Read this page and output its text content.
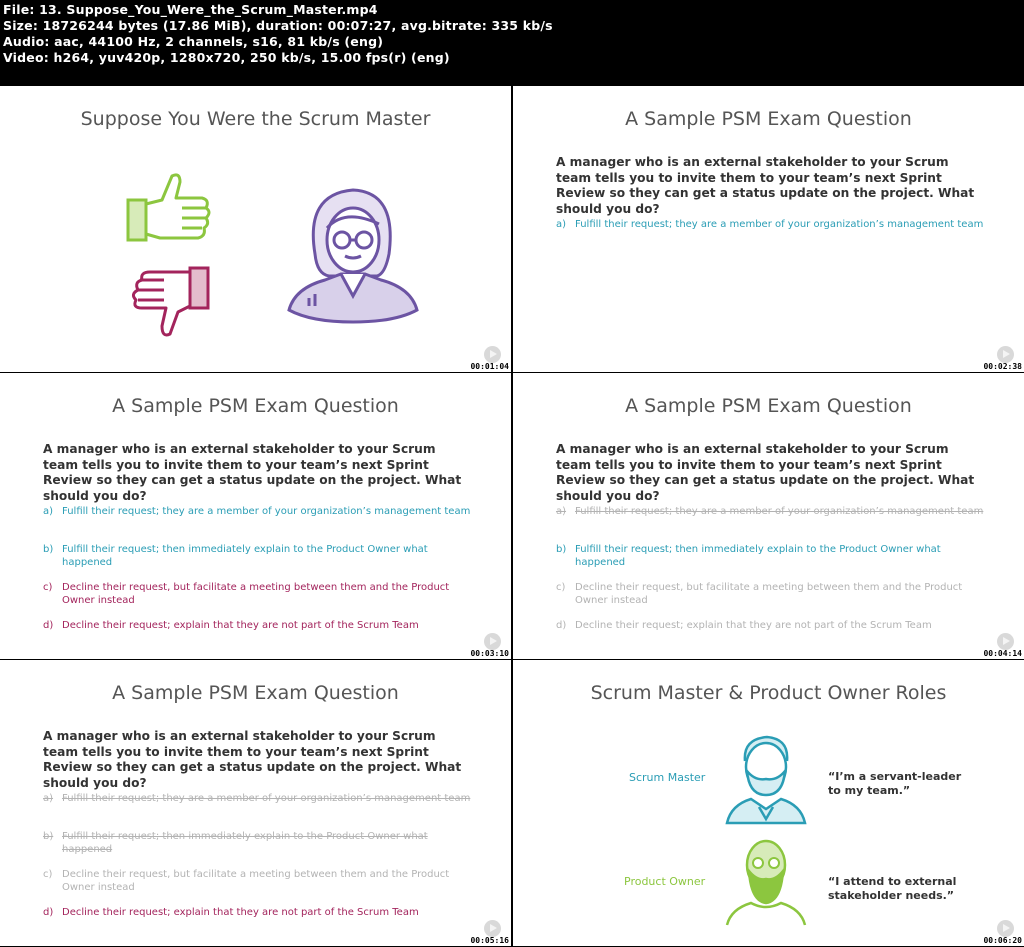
File: 13. Suppose_You_Were_the_Scrum_Master.mp4
Size: 18726244 bytes (17.86 MiB), duration: 00:07:27, avg.bitrate: 335 kb/s
Audio: aac, 44100 Hz, 2 channels, s16, 81 kb/s (eng)
Video: h264, yuv420p, 1280x720, 250 kb/s, 15.00 fps(r) (eng)
Suppose You Were the Scrum Master
00:01:04
A Sample PSM Exam Question
A manager who is an external stakeholder to your Scrum team tells you to invite them to your team’s next Sprint Review so they can get a status update on the project. What should you do?
a) Fulfill their request; they are a member of your organization’s management team
00:02:38
A Sample PSM Exam Question
A manager who is an external stakeholder to your Scrum team tells you to invite them to your team’s next Sprint Review so they can get a status update on the project. What should you do?
a) Fulfill their request; they are a member of your organization’s management team
b) Fulfill their request; then immediately explain to the Product Owner what happened
c) Decline their request, but facilitate a meeting between them and the Product Owner instead
d) Decline their request; explain that they are not part of the Scrum Team
00:03:10
A Sample PSM Exam Question
A manager who is an external stakeholder to your Scrum team tells you to invite them to your team’s next Sprint Review so they can get a status update on the project. What should you do?
a) Fulfill their request; they are a member of your organization’s management team
b) Fulfill their request; then immediately explain to the Product Owner what happened
c) Decline their request, but facilitate a meeting between them and the Product Owner instead
d) Decline their request; explain that they are not part of the Scrum Team
00:04:14
A Sample PSM Exam Question
A manager who is an external stakeholder to your Scrum team tells you to invite them to your team’s next Sprint Review so they can get a status update on the project. What should you do?
a) Fulfill their request; they are a member of your organization’s management team
b) Fulfill their request; then immediately explain to the Product Owner what happened
c) Decline their request, but facilitate a meeting between them and the Product Owner instead
d) Decline their request; explain that they are not part of the Scrum Team
00:05:16
Scrum Master & Product Owner Roles
Scrum Master	“I’m a servant-leader to my team.”
Product Owner	“I attend to external stakeholder needs.”
00:06:20
